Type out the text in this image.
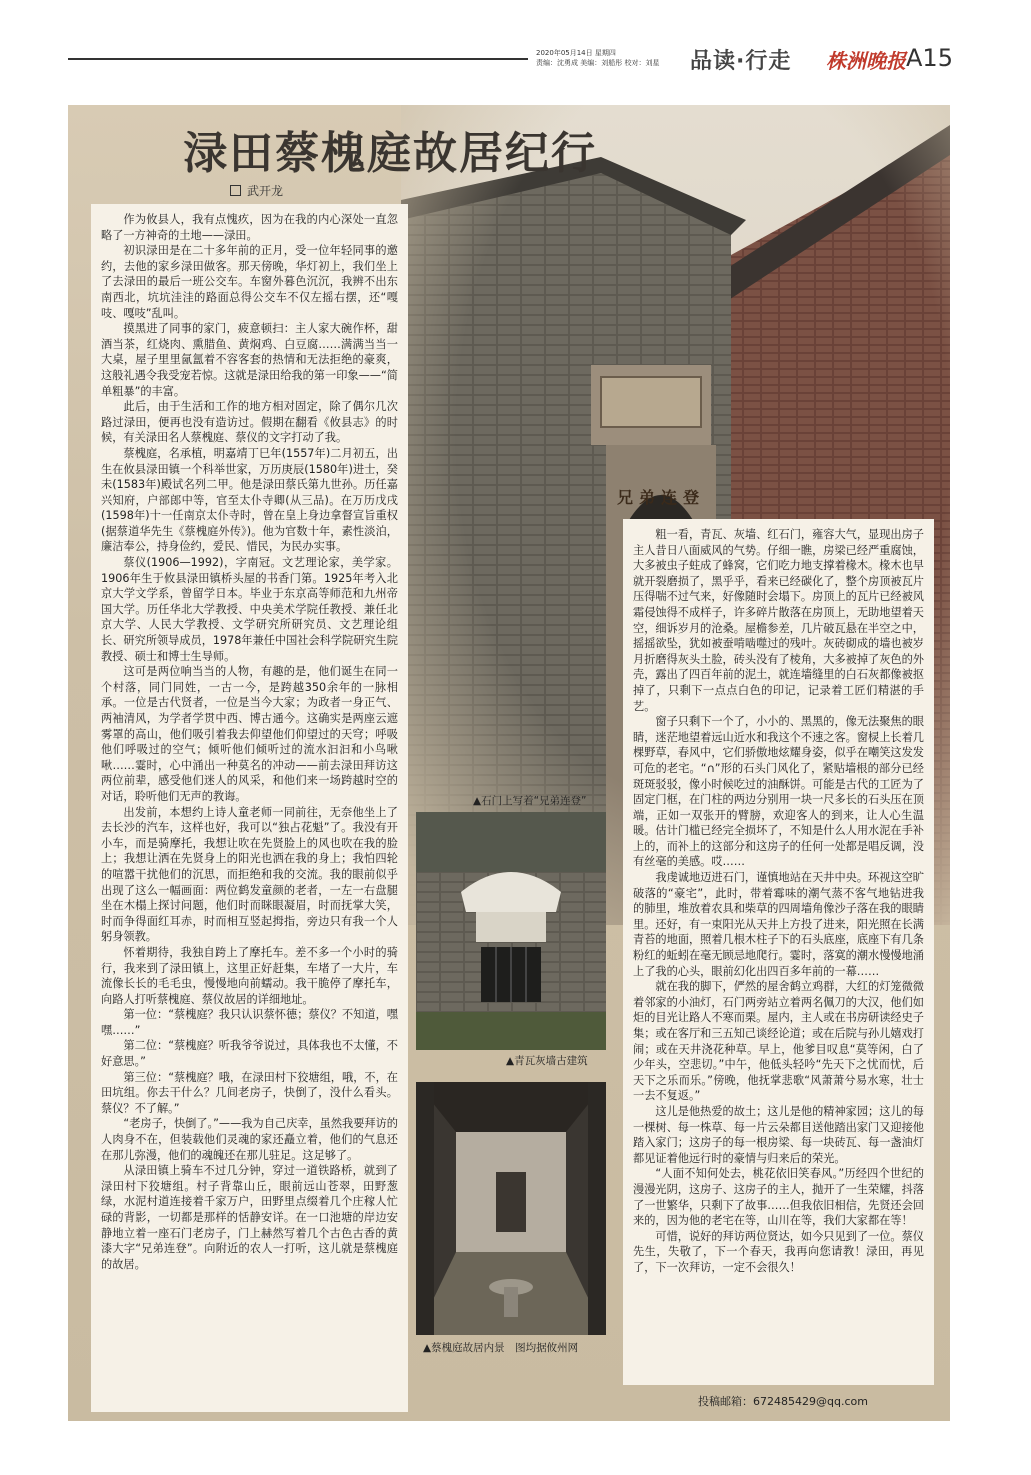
2020年05月14日 星期四
责编：沈勇成 美编：刘船彤 校对：刘星	品读·行走 株洲晚报 A15
兄弟连登
渌田蔡槐庭故居纪行
武开龙

作为攸县人，我有点愧疚，因为在我的内心深处一直忽略了一方神奇的土地——渌田。

初识渌田是在二十多年前的正月，受一位年轻同事的邀约，去他的家乡渌田做客。那天傍晚，华灯初上，我们坐上了去渌田的最后一班公交车。车窗外暮色沉沉，我辨不出东南西北，坑坑洼洼的路面总得公交车不仅左摇右摆，还“嘎吱、嘎吱”乱叫。

摸黑进了同事的家门，疲意顿扫：主人家大碗作杯，甜酒当茶，红烧肉、熏腊鱼、黄焖鸡、白豆腐……满满当当一大桌，屋子里里氤氲着不容客套的热情和无法拒绝的豪爽，这般礼遇令我受宠若惊。这就是渌田给我的第一印象——“简单粗暴”的丰富。

此后，由于生活和工作的地方相对固定，除了偶尔几次路过渌田，便再也没有造访过。假期在翻看《攸县志》的时候，有关渌田名人蔡槐庭、蔡仪的文字打动了我。

蔡槐庭，名承植，明嘉靖丁巳年(1557年)二月初五，出生在攸县渌田镇一个科举世家，万历庚辰(1580年)进士，癸未(1583年)殿试名列二甲。他是渌田蔡氏第九世孙。历任嘉兴知府，户部郎中等，官至太仆寺卿(从三品)。在万历戊戌(1598年)十一任南京太仆寺时，曾在皇上身边拿督宣旨重权(据蔡道华先生《蔡槐庭外传》)。他为官数十年，素性淡泊，廉洁奉公，持身俭约，爱民、惜民，为民办实事。

蔡仪(1906—1992)，字南冠。文艺理论家，美学家。1906年生于攸县渌田镇桥头屋的书香门第。1925年考入北京大学文学系，曾留学日本。毕业于东京高等师范和九州帝国大学。历任华北大学教授、中央美术学院任教授、兼任北京大学、人民大学教授、文学研究所研究员、文艺理论组长、研究所领导成员，1978年兼任中国社会科学院研究生院教授、硕士和博士生导师。

这可是两位响当当的人物，有趣的是，他们诞生在同一个村落，同门同姓，一古一今，是跨越350余年的一脉相承。一位是古代贤者，一位是当今大家；为政者一身正气、两袖清风，为学者学贯中西、博古通今。这确实是两座云遮雾罩的高山，他们吸引着我去仰望他们仰望过的天穹；呼吸他们呼吸过的空气；倾听他们倾听过的流水汩汩和小鸟啾啾……霎时，心中涌出一种莫名的冲动——前去渌田拜访这两位前辈，感受他们迷人的风采，和他们来一场跨越时空的对话，聆听他们无声的教诲。

出发前，本想约上诗人童老师一同前往，无奈他坐上了去长沙的汽车，这样也好，我可以“独占花魁”了。我没有开小车，而是骑摩托，我想让吹在先贤脸上的风也吹在我的脸上；我想让洒在先贤身上的阳光也洒在我的身上；我怕四轮的喧嚣干扰他们的沉思，而拒绝和我的交流。我的眼前似乎出现了这么一幅画面：两位鹤发童颜的老者，一左一右盘腿坐在木榻上探讨问题，他们时而眯眼凝眉，时而抚掌大笑，时而争得面红耳赤，时而相互竖起拇指，旁边只有我一个人躬身领教。

怀着期待，我独自跨上了摩托车。差不多一个小时的骑行，我来到了渌田镇上，这里正好赶集，车堵了一大片，车流像长长的毛毛虫，慢慢地向前蠕动。我干脆停了摩托车，向路人打听蔡槐庭、蔡仪故居的详细地址。

第一位：“蔡槐庭？我只认识蔡怀德；蔡仪？不知道，嘿嘿……”

第二位：“蔡槐庭？听我爷爷说过，具体我也不太懂，不好意思。”

第三位：“蔡槐庭？哦，在渌田村下狡塘组，哦，不，在田坑组。你去干什么？几间老房子，快倒了，没什么看头。蔡仪？不了解。”

“老房子，快倒了。”——我为自己庆幸，虽然我要拜访的人肉身不在，但装载他们灵魂的家还矗立着，他们的气息还在那儿弥漫，他们的魂魄还在那儿驻足。这足够了。

从渌田镇上骑车不过几分钟，穿过一道铁路桥，就到了渌田村下狡塘组。村子背靠山丘，眼前远山苍翠，田野葱绿，水泥村道连接着千家万户，田野里点缀着几个庄稼人忙碌的背影，一切都是那样的恬静安详。在一口池塘的岸边安静地立着一座石门老房子，门上赫然写着几个古色古香的黄漆大字“兄弟连登”。向附近的农人一打听，这儿就是蔡槐庭的故居。

粗一看，青瓦、灰墙、红石门，雍容大气，显现出房子主人昔日八面威风的气势。仔细一瞧，房梁已经严重腐蚀，大多被虫子蛀成了蜂窝，它们吃力地支撑着椽木。椽木也早就开裂磨损了，黑乎乎，看来已经碳化了，整个房顶被瓦片压得喘不过气来，好像随时会塌下。房顶上的瓦片已经被风霜侵蚀得不成样子，许多碎片散落在房顶上，无助地望着天空，细诉岁月的沧桑。屋檐参差，几片破瓦悬在半空之中，摇摇欲坠，犹如被蚕啃啮噬过的残叶。灰砖砌成的墙也被岁月折磨得灰头土脸，砖头没有了棱角，大多被掉了灰色的外壳，露出了四百年前的泥土，就连墙缝里的白石灰都像被抠掉了，只剩下一点点白色的印记，记录着工匠们精湛的手艺。

窗子只剩下一个了，小小的、黑黑的，像无法聚焦的眼睛，迷茫地望着远山近水和我这个不速之客。窗棂上长着几棵野草，春风中，它们骄傲地炫耀身姿，似乎在嘲笑这发发可危的老宅。“∩”形的石头门风化了，紧贴墙根的部分已经斑斑驳驳，像小时候吃过的油酥饼。可能是古代的工匠为了固定门框，在门柱的两边分别用一块一尺多长的石头压在顶端，正如一双张开的臂膀，欢迎客人的到来，让人心生温暖。估计门槛已经完全损坏了，不知是什么人用水泥在手补上的，而补上的这部分和这房子的任何一处都是唱反调，没有丝毫的美感。哎……

我虔诚地迈进石门，谨慎地站在天井中央。环视这空旷破落的“豪宅”，此时，带着霉味的潮气蒸不客气地钻进我的肺里，堆放着农具和柴草的四周墙角像沙子落在我的眼睛里。还好，有一束阳光从天井上方投了进来，阳光照在长满青苔的地面，照着几根木柱子下的石头底座，底座下有几条粉红的蚯蚓在毫无顾忌地爬行。霎时，落寞的潮水慢慢地涌上了我的心头，眼前幻化出四百多年前的一幕……

就在我的脚下，俨然的屋舍鹤立鸡群，大红的灯笼微微着邻家的小油灯，石门两旁站立着两名佩刀的大汉，他们如炬的目光让路人不寒而栗。屋内，主人或在书房研读经史子集；或在客厅和三五知己谈经论道；或在后院与孙儿嬉戏打闹；或在天井浇花种草。早上，他爹目叹息“莫等闲，白了少年头，空悲切。”中午，他低头轻吟“先天下之忧而忧，后天下之乐而乐。”傍晚，他抚掌悲歌“风萧萧兮易水寒，壮士一去不复返。”

这儿是他热爱的故土；这儿是他的精神家园；这儿的每一棵树、每一株草、每一片云朵都目送他踏出家门又迎接他踏入家门；这房子的每一根房梁、每一块砖瓦、每一盏油灯都见证着他远行时的豪情与归来后的荣光。

“人面不知何处去，桃花依旧笑春风。”历经四个世纪的漫漫光阴，这房子、这房子的主人，抛开了一生荣耀，抖落了一世繁华，只剩下了故事……但我依旧相信，先贤还会回来的，因为他的老宅在等，山川在等，我们大家都在等！

可惜，说好的拜访两位贤达，如今只见到了一位。蔡仪先生，失敬了，下一个春天，我再向您请教！渌田，再见了，下一次拜访，一定不会很久！

▲石门上写着“兄弟连登”
▲青瓦灰墙古建筑
▲蔡槐庭故居内景　图均据攸州网
投稿邮箱：672485429@qq.com
